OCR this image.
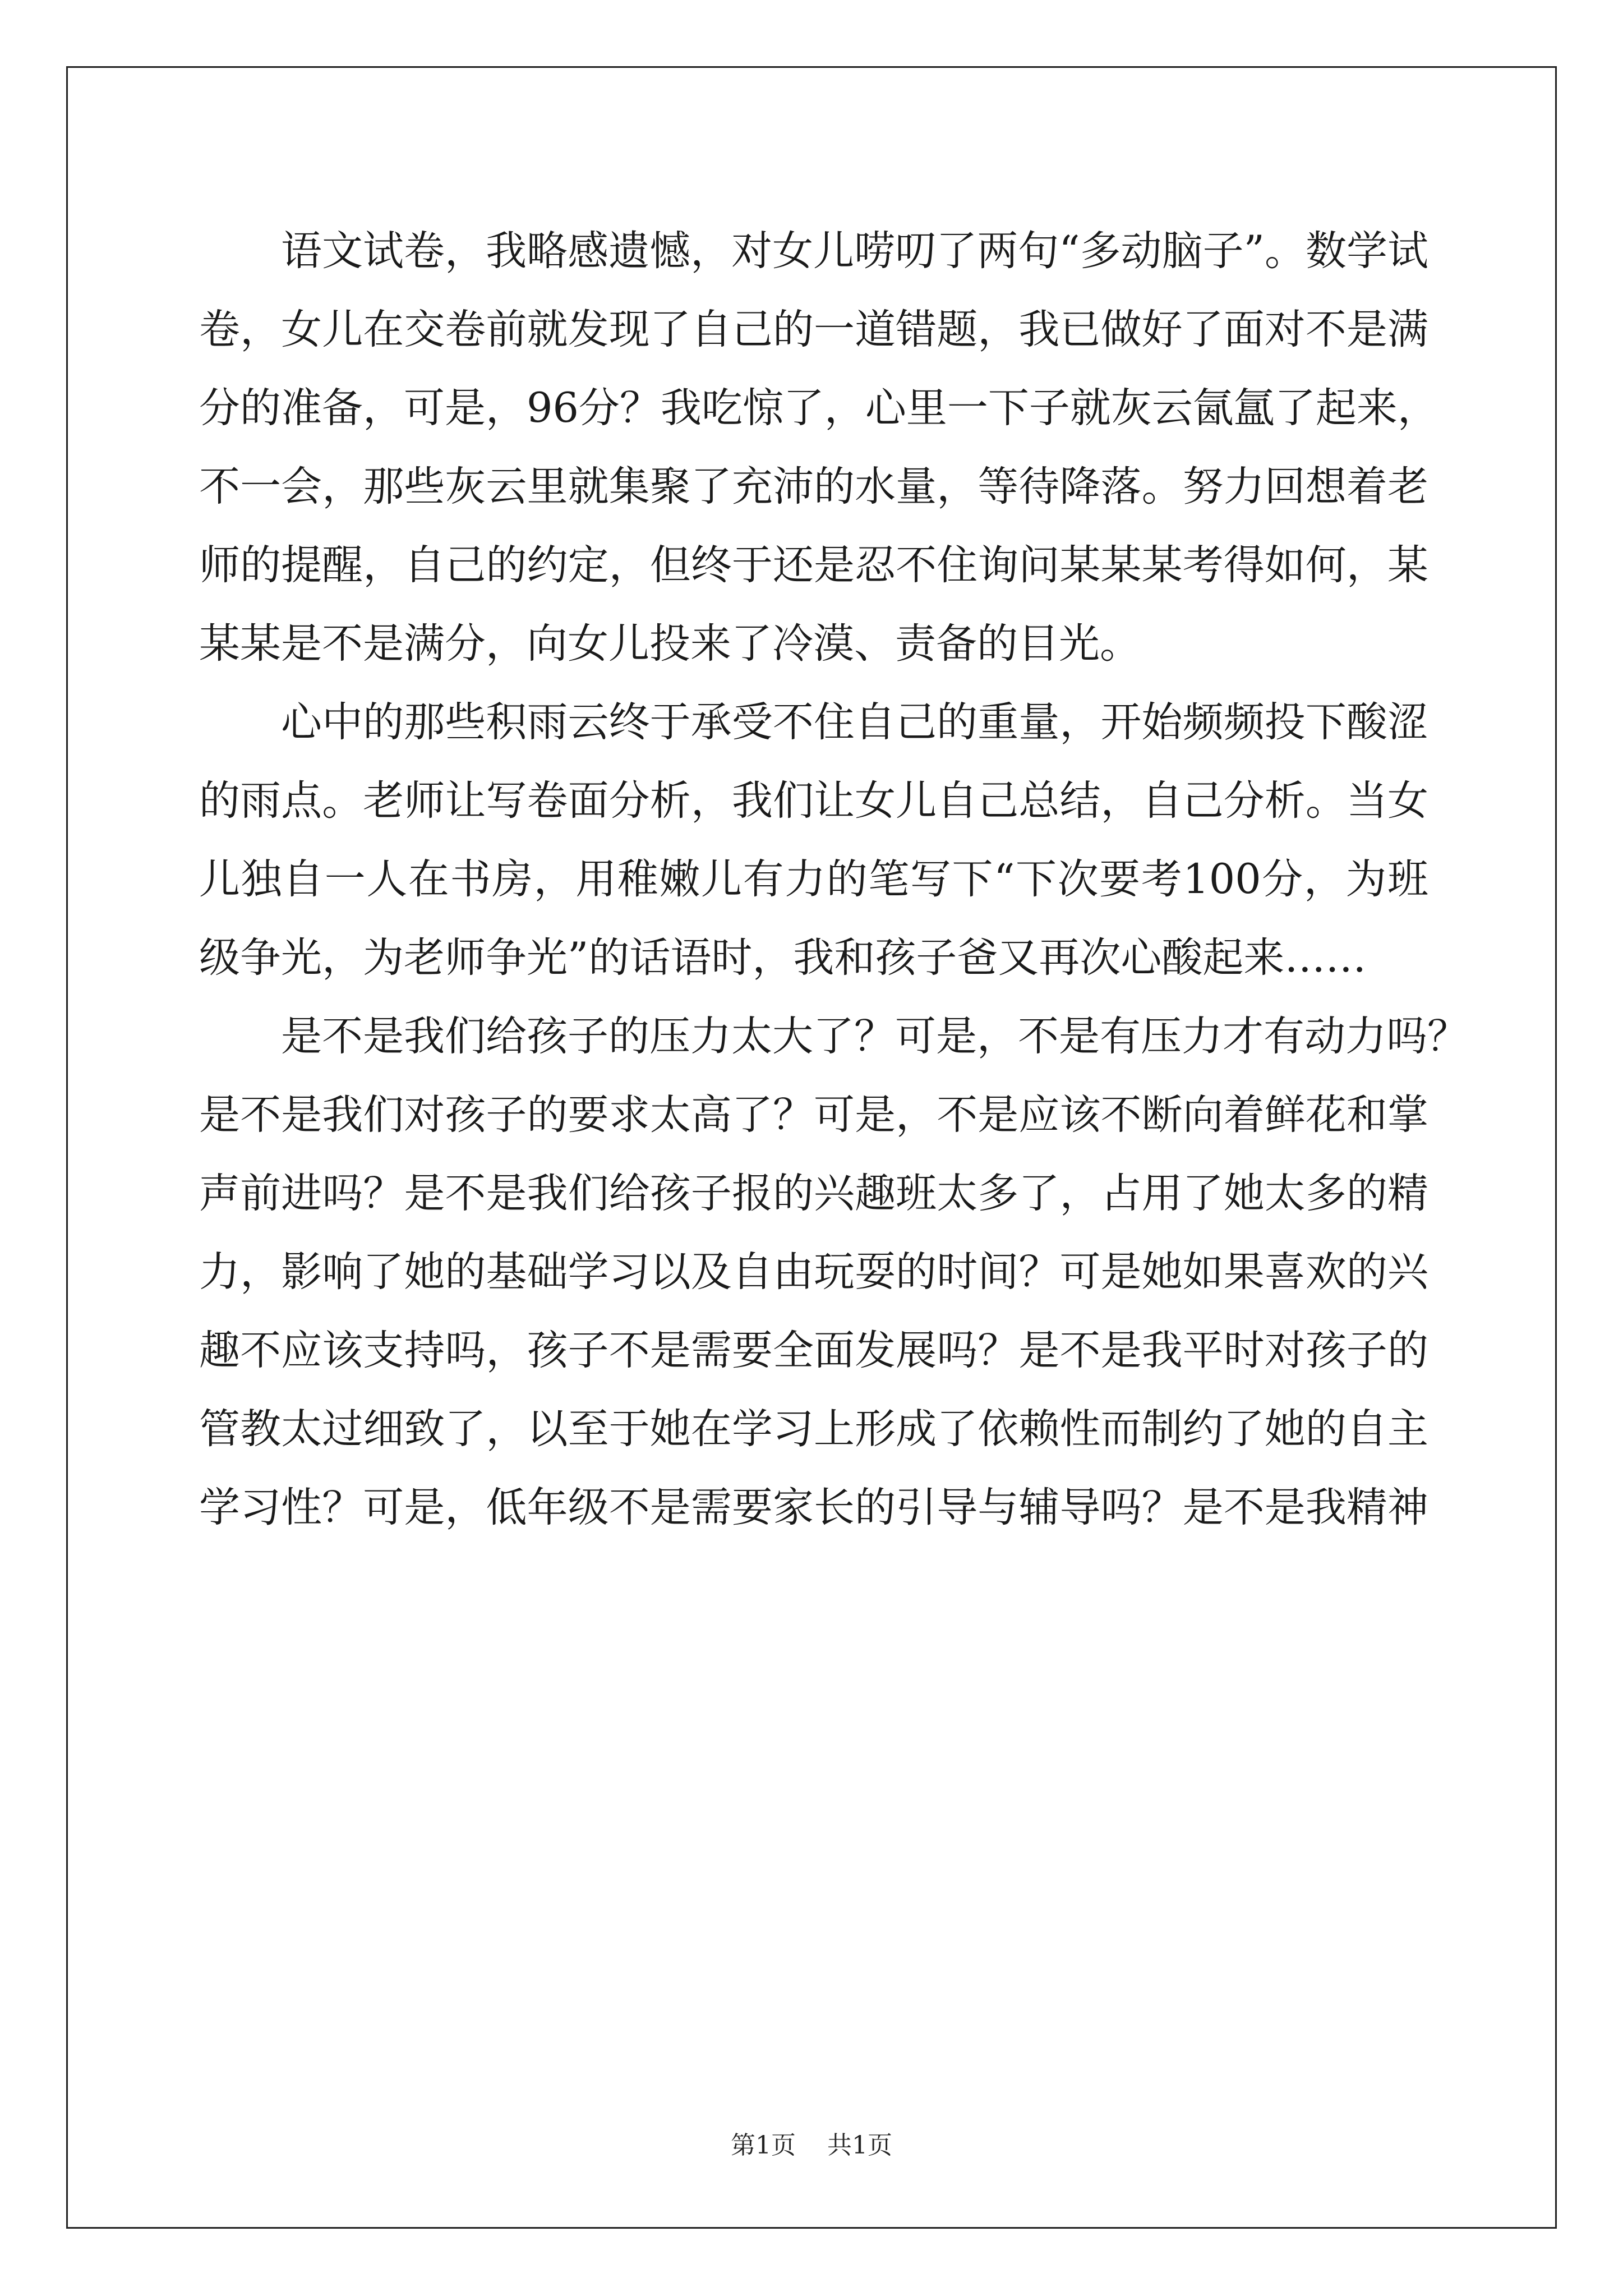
语文试卷，我略感遗憾，对女儿唠叨了两句“多动脑子”。数学试
卷，女儿在交卷前就发现了自己的一道错题，我已做好了面对不是满
分的准备，可是，96分？我吃惊了，心里一下子就灰云氤氲了起来，
不一会，那些灰云里就集聚了充沛的水量，等待降落。努力回想着老
师的提醒，自己的约定，但终于还是忍不住询问某某某考得如何，某
某某是不是满分，向女儿投来了冷漠、责备的目光。
心中的那些积雨云终于承受不住自己的重量，开始频频投下酸涩
的雨点。老师让写卷面分析，我们让女儿自己总结，自己分析。当女
儿独自一人在书房，用稚嫩儿有力的笔写下“下次要考100分，为班
级争光，为老师争光”的话语时，我和孩子爸又再次心酸起来……
是不是我们给孩子的压力太大了？可是，不是有压力才有动力吗？
是不是我们对孩子的要求太高了？可是，不是应该不断向着鲜花和掌
声前进吗？是不是我们给孩子报的兴趣班太多了，占用了她太多的精
力，影响了她的基础学习以及自由玩耍的时间？可是她如果喜欢的兴
趣不应该支持吗，孩子不是需要全面发展吗？是不是我平时对孩子的
管教太过细致了，以至于她在学习上形成了依赖性而制约了她的自主
学习性？可是，低年级不是需要家长的引导与辅导吗？是不是我精神
第1页    共1页
